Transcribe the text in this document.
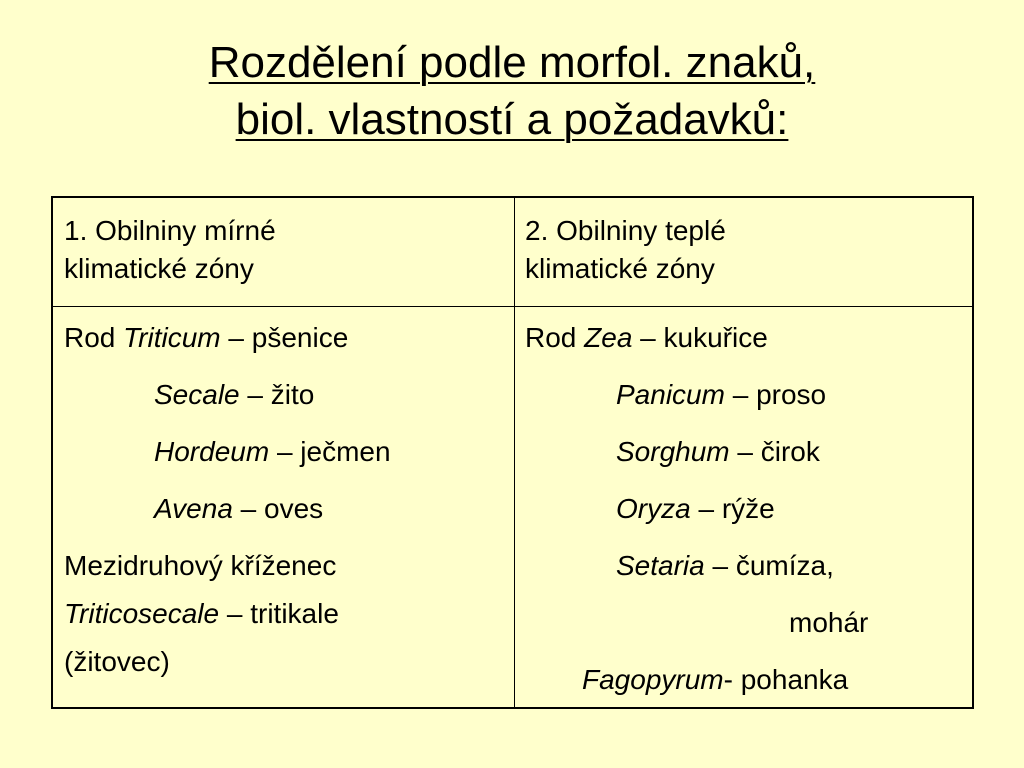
Rozdělení podle morfol. znaků,
biol. vlastností a požadavků:
1. Obilniny mírné
klimatické zóny
2. Obilniny teplé
klimatické zóny
Rod Triticum – pšenice
Secale – žito
Hordeum – ječmen
Avena – oves
Mezidruhový kříženec
Triticosecale – tritikale
(žitovec)
Rod Zea – kukuřice
Panicum – proso
Sorghum – čirok
Oryza – rýže
Setaria – čumíza,
mohár
Fagopyrum- pohanka
